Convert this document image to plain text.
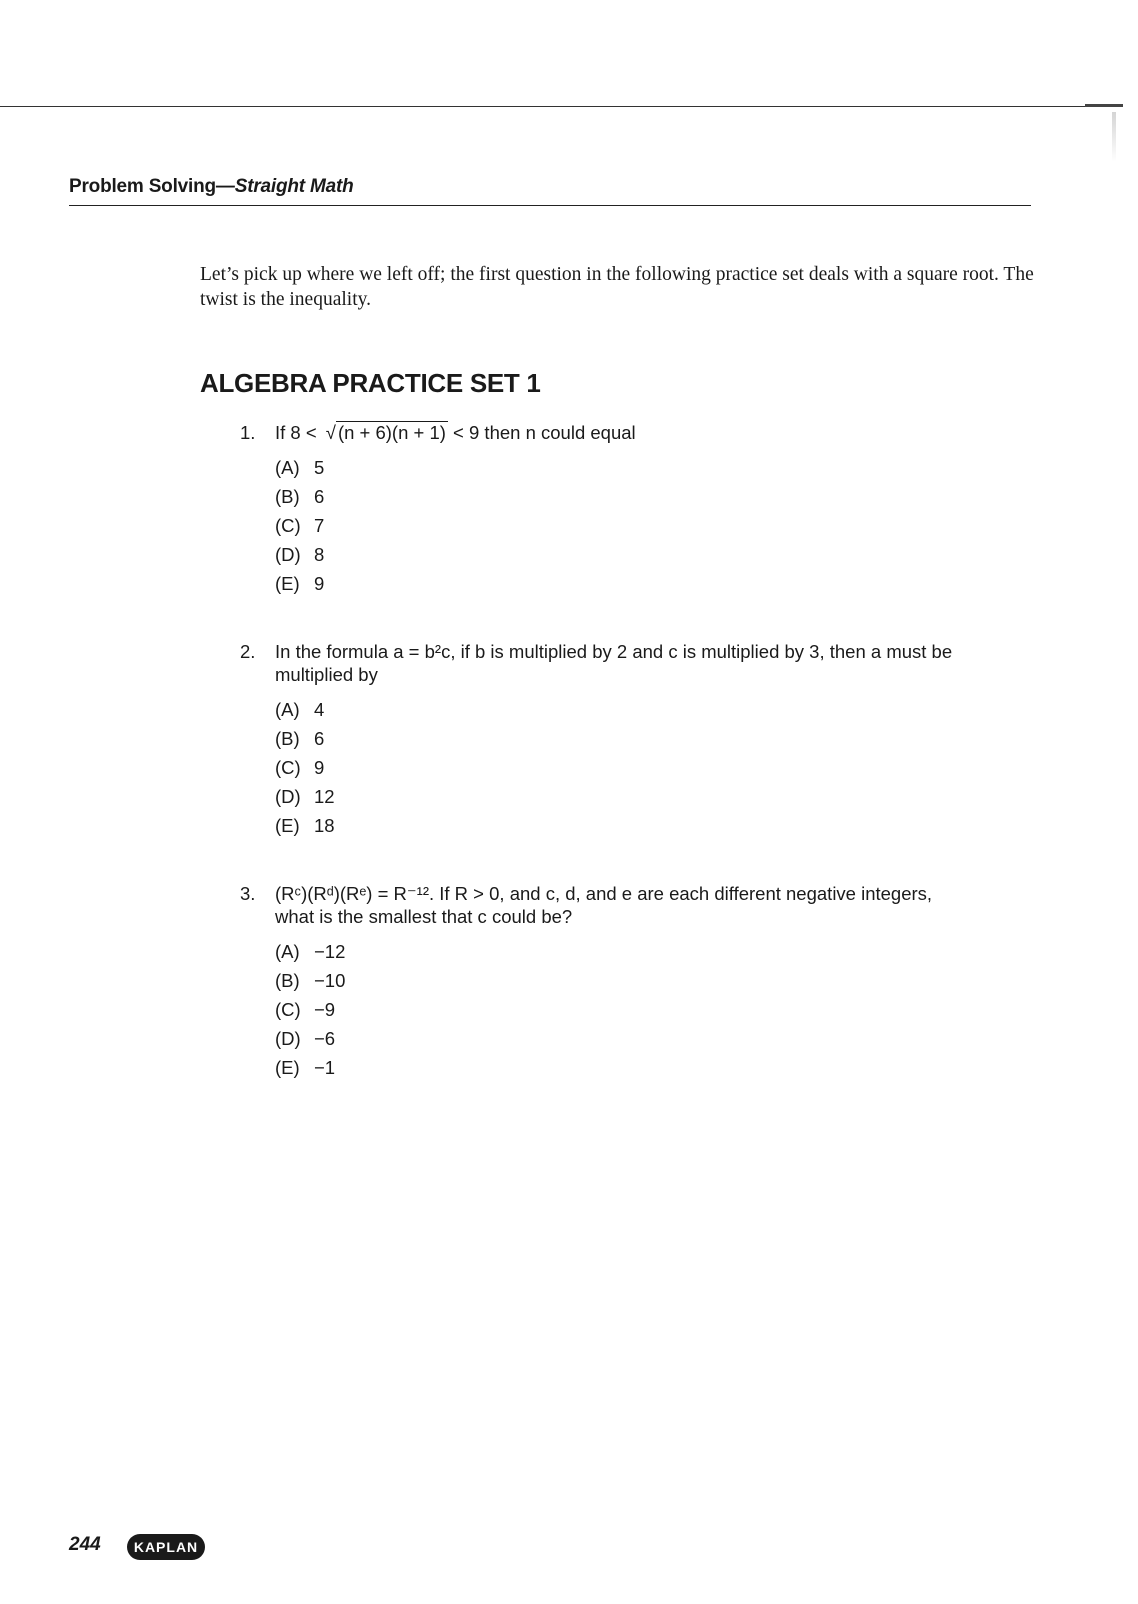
Problem Solving—Straight Math

Let’s pick up where we left off; the first question in the following practice set deals with a square root. The twist is the inequality.

ALGEBRA PRACTICE SET 1
1.	If 8 < √ (n + 6)(n + 1) < 9 then n could equal
(A) 5
(B) 6
(C) 7
(D) 8
(E) 9
2.	In the formula a = b²c, if b is multiplied by 2 and c is multiplied by 3, then a must be multiplied by
(A) 4
(B) 6
(C) 9
(D) 12
(E) 18
3.	(Rᶜ)(Rᵈ)(Rᵉ) = R⁻¹². If R > 0, and c, d, and e are each different negative integers, what is the smallest that c could be?
(A) −12
(B) −10
(C) −9
(D) −6
(E) −1
244	KAPLAN
